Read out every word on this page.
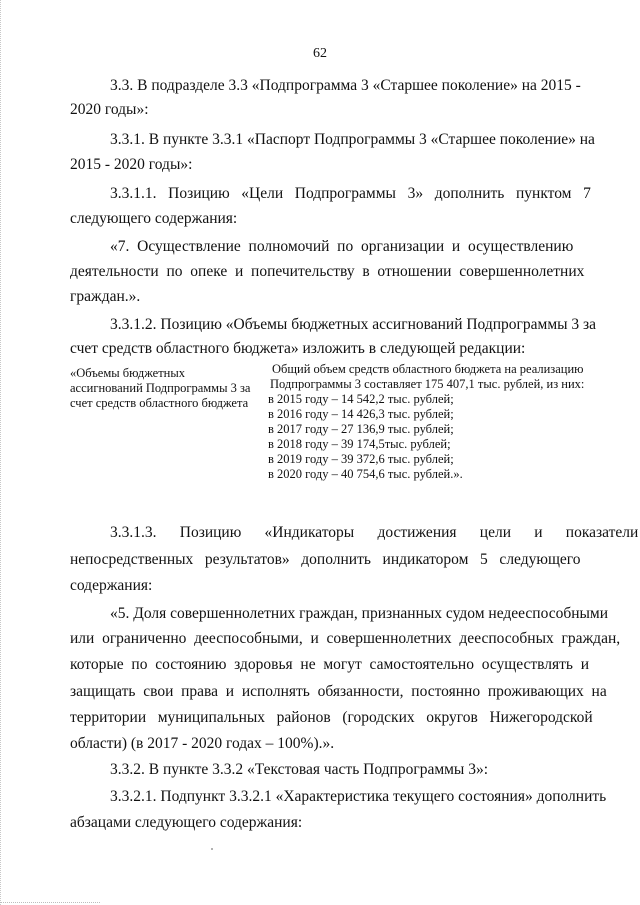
62
3.3. В подразделе 3.3 «Подпрограмма 3 «Старшее поколение» на 2015 -
2020 годы»:
3.3.1. В пункте 3.3.1 «Паспорт Подпрограммы 3 «Старшее поколение» на
2015 - 2020 годы»:
3.3.1.1.   Позицию   «Цели   Подпрограммы   3»   дополнить   пунктом   7
следующего содержания:
«7.  Осуществление  полномочий  по  организации  и  осуществлению
деятельности  по  опеке  и  попечительству  в  отношении  совершеннолетних
граждан.».
3.3.1.2. Позицию «Объемы бюджетных ассигнований Подпрограммы 3 за
счет средств областного бюджета» изложить в следующей редакции:
«Объемы бюджетных
ассигнований Подпрограммы 3 за
счет средств областного бюджета
Общий объем средств областного бюджета на реализацию
Подпрограммы 3 составляет 175 407,1 тыс. рублей, из них:
в 2015 году – 14 542,2 тыс. рублей;
в 2016 году – 14 426,3 тыс. рублей;
в 2017 году – 27 136,9 тыс. рублей;
в 2018 году – 39 174,5тыс. рублей;
в 2019 году – 39 372,6 тыс. рублей;
в 2020 году – 40 754,6 тыс. рублей.».
3.3.1.3.      Позицию      «Индикаторы      достижения      цели      и      показатели
непосредственных   результатов»   дополнить   индикатором   5   следующего
содержания:
«5. Доля совершеннолетних граждан, признанных судом недееспособными
или  ограниченно  дееспособными,  и  совершеннолетних  дееспособных  граждан,
которые  по  состоянию  здоровья  не  могут  самостоятельно  осуществлять  и
защищать  свои  права  и  исполнять  обязанности,  постоянно  проживающих  на
территории   муниципальных   районов   (городских   округов   Нижегородской
области) (в 2017 - 2020 годах – 100%).».
3.3.2. В пункте 3.3.2 «Текстовая часть Подпрограммы 3»:
3.3.2.1. Подпункт 3.3.2.1 «Характеристика текущего состояния» дополнить
абзацами следующего содержания:
